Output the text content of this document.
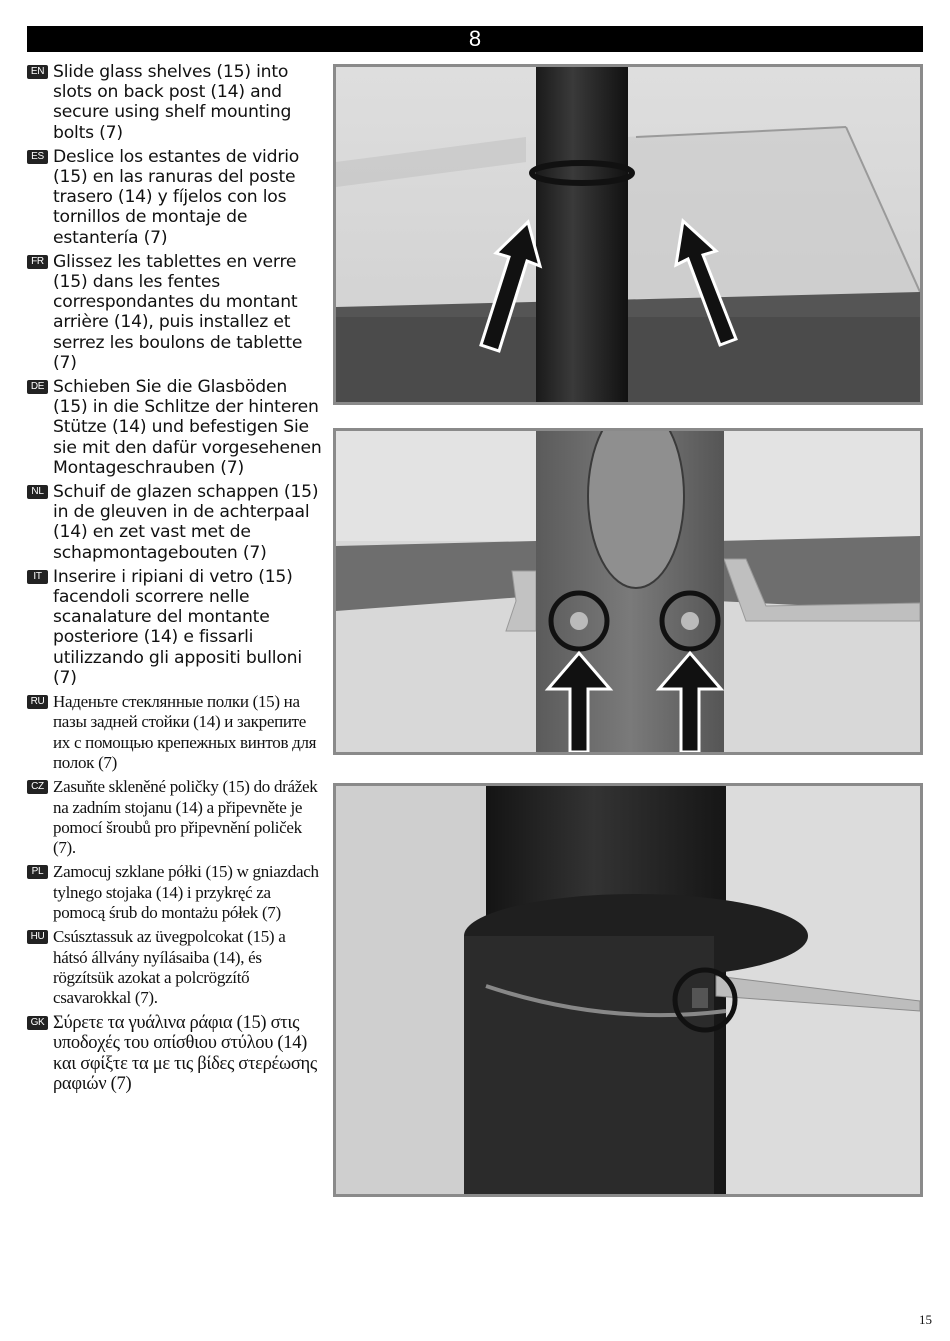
8
EN Slide glass shelves (15) into slots on back post (14) and secure using shelf mounting bolts (7)
ES Deslice los estantes de vidrio (15) en las ranuras del poste trasero (14) y fíjelos con los tornillos de montaje de estantería (7)
FR Glissez les tablettes en verre (15) dans les fentes correspondantes du montant arrière (14), puis installez et serrez les boulons de tablette (7)
DE Schieben Sie die Glasböden (15) in die Schlitze der hinteren Stütze (14) und befestigen Sie sie mit den dafür vorgesehenen Montageschrauben (7)
NL Schuif de glazen schappen (15) in de gleuven in de achterpaal (14) en zet vast met de schapmontagebouten (7)
IT Inserire i ripiani di vetro (15) facendoli scorrere nelle scanalature del montante posteriore (14) e fissarli utilizzando gli appositi bulloni (7)
RU Наденьте стеклянные полки (15) на пазы задней стойки (14) и закрепите их с помощью крепежных винтов для полок (7)
CZ Zasuňte skleněné poličky (15) do drážek na zadním stojanu (14) a připevněte je pomocí šroubů pro připevnění poliček (7).
PL Zamocuj szklane półki (15) w gniazdach tylnego stojaka (14) i przykręć za pomocą śrub do montażu półek (7)
HU Csúsztassuk az üvegpolcokat (15) a hátsó állvány nyílásaiba (14), és rögzítsük azokat a polcrögzítő csavarokkal (7).
GK Σύρετε τα γυάλινα ράφια (15) στις υποδοχές του οπίσθιου στύλου (14) και σφίξτε τα με τις βίδες στερέωσης ραφιών (7)
15
